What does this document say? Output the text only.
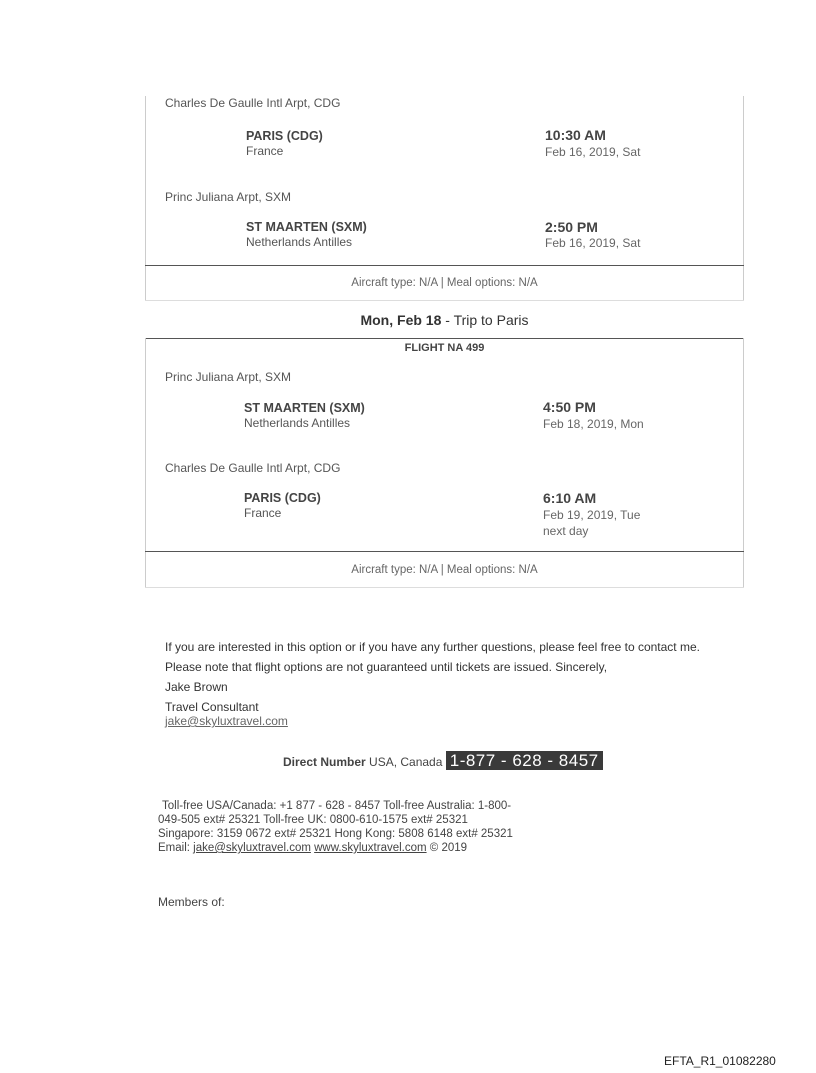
Charles De Gaulle Intl Arpt, CDG
PARIS (CDG)
France
10:30 AM
Feb 16, 2019, Sat
Princ Juliana Arpt, SXM
ST MAARTEN (SXM)
Netherlands Antilles
2:50 PM
Feb 16, 2019, Sat
Aircraft type: N/A | Meal options: N/A
Mon, Feb 18 - Trip to Paris
FLIGHT NA 499
Princ Juliana Arpt, SXM
ST MAARTEN (SXM)
Netherlands Antilles
4:50 PM
Feb 18, 2019, Mon
Charles De Gaulle Intl Arpt, CDG
PARIS (CDG)
France
6:10 AM
Feb 19, 2019, Tue
next day
Aircraft type: N/A | Meal options: N/A
If you are interested in this option or if you have any further questions, please feel free to contact me.
Please note that flight options are not guaranteed until tickets are issued. Sincerely,
Jake Brown
Travel Consultant
jake@skyluxtravel.com
Direct Number USA, Canada 1-877 - 628 - 8457
Toll-free USA/Canada: +1 877 - 628 - 8457 Toll-free Australia: 1-800-
049-505 ext# 25321 Toll-free UK: 0800-610-1575 ext# 25321
Singapore: 3159 0672 ext# 25321 Hong Kong: 5808 6148 ext# 25321
Email: jake@skyluxtravel.com www.skyluxtravel.com © 2019
Members of:
EFTA_R1_01082280
